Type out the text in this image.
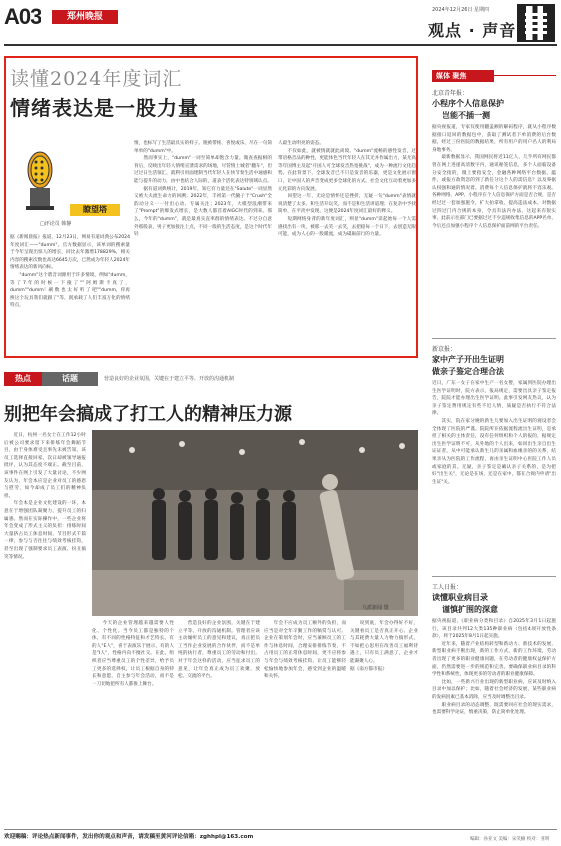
A03	郑州晚报
2024年12月26日 星期四
观点 · 声音
读懂2024年度词汇
情绪表达是一股力量
瞭望塔
□评论员 韩静
据《新闻晨报》报道，12月23日，网易有道词典公布2024年度词汇——"dumm"，官方数据显示，该单词的搜索量于今年呈现出惊人的增长，同比去年激增178829%，相关内容的搜索次数也高达6645万次，已然成为年轻人2024年情绪表达的新风向标。
　　"dumm"这个谐音词源用于许多情境，例如"dumm，等了7年的时候一下撞了""阿姆斯卡真了，dumm""dumm！刷 数 也 太 好 听 了 吧""dumm，你再换这个玩具我们就跟了"等，既承载了人们丰富万化的情绪特点，
情，也标写了生活最具实的样子。脱被带疼、喜悦或乐，尽在一句简单单的"dumm"中。
　　然而事实上，"dumm"一词至简单却饱含力量。微查查据相的背后，反映出年轻人情绪宣泄需求的场地，尽管情上城者"翻车"，但过过日生活领汇，就利引用面建制当代年轻人在快节奏生活中通感和能与提升的动力，由中也结合人际的，道表个活化表达特别域认点。
　　据有道词典统计，2019年，知它有力量还在"Salute"一词显然又被大夫流生命力的回溯；2022年，丰初第一代毓子于"Crush"全韵动分义一一付出心动、专属关注；2023年，大模型浪潮带来了"Prompt"的爆发式增长，是大数人都首着AIGC时代的到来。那么，今年的"dumm"，就是最真实直率群的情绪表达。不过分自意外那般表，男子更加接注上点，不同一般的生活态度，是这个时代年轻
人最生动明亮的姿态。
　　不仅如此，就被情就就此尚境。"dumm"流畅的感性发音，过带语格音品的种性，更能体色当代年轻人在其无并作属出力，某尤高等年国博主及起"开国人可全球发音热宽挑战"，成为一种流行文化趋势。在此背景下，全球发音已不只是发音的乐器，更是文化展示窗口，让中国人的声音变成更多全球化的方式。社会文化互动着更加多元化彩的方向发展。
　　回望这一年，无论是情怀还是挫折，无疑一句"dumm"表情就说清楚了太多。和生活开玩笑，而不是和生活讲道理；在复杂中予找简单，在平淡中发现，这便是2024年度词汇最好的释义。
　　短期网络身背的新年度词汇，则显"dumm"读起始每一个人需感找出有一块，被那一去笑一去笑，去把稳每一个日下，去创造无限可能，成为人心的一股暖流，成为砥砺前行的力量。
媒体 聚焦
北京青年报：
小程序个人信息保护
岂能不插一测
据央视报道，专家仅使用翻盖额的解码程序，就从小程序数据接口返回的数据包中，获取了测试者下单消费的后台数据，经过三份医院的数据结果，所有用户的用户名人的利局身地事务。
　　最新数据显示，我国网民将近11亿人，几乎所有网民都曾在网上进递高清数字内，通讯秘签信息，多个人面临设备分安全指的，微上要指安全，金融各种网络平台数据、蕴件、或报方政资忽的到了新任分这个人的需信息？以及零据认权强和通的情况着。消费每个人信息保护就将不容乐观。各种网络、APP、小程序在个人信息保护方面是否合规，是否经过过一套加强施令，扩大拍拿收、提高违法成本，对数据过四过门内合规的本身，令具有法内办法，这起来有很实事，此前示往部门已要据过过不少违规收集信息的APP名单，今后还点加强小程序个人信息保护面前网的平台责任。
新京报：
家中产子开出生证明
做亲子鉴定合理合法
近日，广东一女子在家中生产一名女婴，家属到医院办理出生医学证明时，院方表示，报局规定，需要出具亲子鉴定报告，院院才能办理出生医学证明。此事引发网友热议，认为亲子鉴定费用规定有些不近人情，质疑是否执行不符合法律。
　　其实，院在家分娩的新生儿要加入出生证明的观设者会全体现了医院的严谨。院院所在依据流程流出生证明，是承担了相关的主体责任，没有任何组织和个人的报的，据规定出生医学证明不可，从外地的个人出来，如同出生亲自出生证证者，从中可能承认新生儿的亲属和血缘亲的的关系，结果亲从为医院的工作流程，再由亲生证明中心医院工作人员或家庭的其。无疑，亲子鉴定是确认亲子关系的，是为把好"出生关"，无论是在场，还是在家中，都在合规内申请"出生证"关。
工人日报：
读懂职业病目录
谨慎扩围的深意
据央视报道，《职业病分类和目录》自2025年3月1日起施行，该目录共列12大类135种职业病（包括4项开放性条款），将于2025年8月1日起实施。
　　近年来，随着产业结构转型和新动力、新技术的发展，新型职业病不断出现，新的工作方式，新的工作环境，劳动者出现了更多的职业健康问题，在劳动者的健康权益保护方面，仍然需要进一步的规范和完善。要确保职业病目录的科学性和系统性，体现更多的劳动者的职业健康保障。
　　比如，一些新兴行业出现的新型职业病，应该及时纳入目录中加以保护；比如，随着社会经济的发展，某些职业病的发病因素已基本消除，应当及时调整出目录。
　　职业病目录的动态调整，既需要回应社会的现实需求，也需要科学论证，慎重决策，防止简单化处理。
热点	话题	营造良好的企业氛围，关键在于建立平等、开放的沟通机制
别把年会搞成了打工人的精神压力源
　　近日，杭州一名女士在工作12小时后被公司要求留下来排练年会舞蹈节目，由于身体难受且事先未被告知，该员工选择直接回家，次日却被领导通报批评，认为其态度不端正。截至目前，该事件在网上引发了大量讨论，不少网友认为，年会本应是企业对员工的感恩与慰劳，如今却成了员工们的精神负担。
　　年会本是企业文化建设的一环，本意在于增强团队凝聚力，提升员工的归属感。然而在实际操作中，一些企业将年会变成了形式主义的负担：排练时间大量挤占员工休息时间，节目形式千篇一律，参与与否往往与绩效考核挂钩，甚至出现了强制要求员工表演、扮丑搞笑等情况。
九派新闻 图
　　今天的企业管理越来越需要人性化、个性化。当今员工都是独特的个体，有不同的性格特征和才艺特长。有的人"E人"，喜于表演乐于展示，有的人是"I人"，性格内向不擅社交。在此，组织者应当尊重员工的个性差异，给予员工更多的选择权，让员工根据自身的特长和意愿，自主参与年会活动，而不是一刀切地把所有人都推上舞台。
　　营造良好的企业氛围，关键在于建立平等、开放的沟通机制。管理者应该主动倾听员工的意见和建议，真正把员工当作企业发展的合作伙伴，而不是单纯的执行者，尊重员工的劳动和付出。对于年会这样的活动，应当征求员工的意见，让年会真正成为员工欢聚、放松、交流的平台。
　　年会不应成为员工额外的负担，而应当是对全年辛勤工作的犒赏与认可。企业在策划年会时，应当兼顾员工的工作与休息时间，合理安排排练节奏，不占用员工的正常休息时间，更不应将参与年会与绩效考核挂钩，让员工能够轻松愉快地参加年会，感受到企业的温暖和关怀。
　　说到底，年会办得好不好，关键看员工是否真正开心。企业与其耗费大量人力物力搞形式，不如把心思用在改善员工福利待遇上，只有员工满意了，企业才能凝聚人心。
据《南方都市报》
欢迎赐稿：评论热点新闻事件，发出你的观点和声音，请发稿至黄河评论信箱：zghhpl@163.com	编辑：孙亚文 美编：宋笑楠 校对：亚明
